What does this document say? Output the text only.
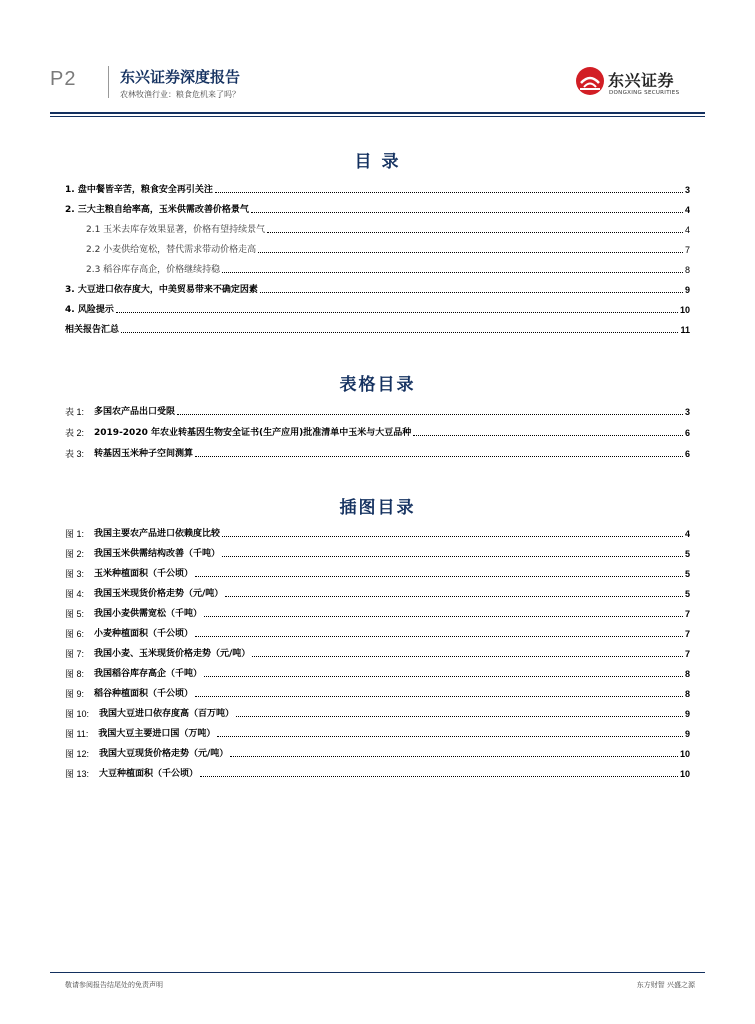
P2	东兴证券深度报告
农林牧渔行业：粮食危机来了吗？
东兴证券
DONGXING SECURITIES
目 录
1. 盘中餐皆辛苦，粮食安全再引关注	3
2. 三大主粮自给率高，玉米供需改善价格景气	4
2.1 玉米去库存效果显著，价格有望持续景气	4
2.2 小麦供给宽松，替代需求带动价格走高	7
2.3 稻谷库存高企，价格继续持稳	8
3. 大豆进口依存度大，中美贸易带来不确定因素	9
4. 风险提示	10
相关报告汇总	11
表格目录
表 1: 多国农产品出口受限	3
表 2: 2019-2020 年农业转基因生物安全证书(生产应用)批准清单中玉米与大豆品种	6
表 3: 转基因玉米种子空间测算	6
插图目录
图 1: 我国主要农产品进口依赖度比较	4
图 2: 我国玉米供需结构改善（千吨）	5
图 3: 玉米种植面积（千公顷）	5
图 4: 我国玉米现货价格走势（元/吨）	5
图 5: 我国小麦供需宽松（千吨）	7
图 6: 小麦种植面积（千公顷）	7
图 7: 我国小麦、玉米现货价格走势（元/吨）	7
图 8: 我国稻谷库存高企（千吨）	8
图 9: 稻谷种植面积（千公顷）	8
图 10: 我国大豆进口依存度高（百万吨）	9
图 11: 我国大豆主要进口国（万吨）	9
图 12: 我国大豆现货价格走势（元/吨）	10
图 13: 大豆种植面积（千公顷）	10
敬请参阅报告结尾处的免责声明	东方财智 兴盛之源
